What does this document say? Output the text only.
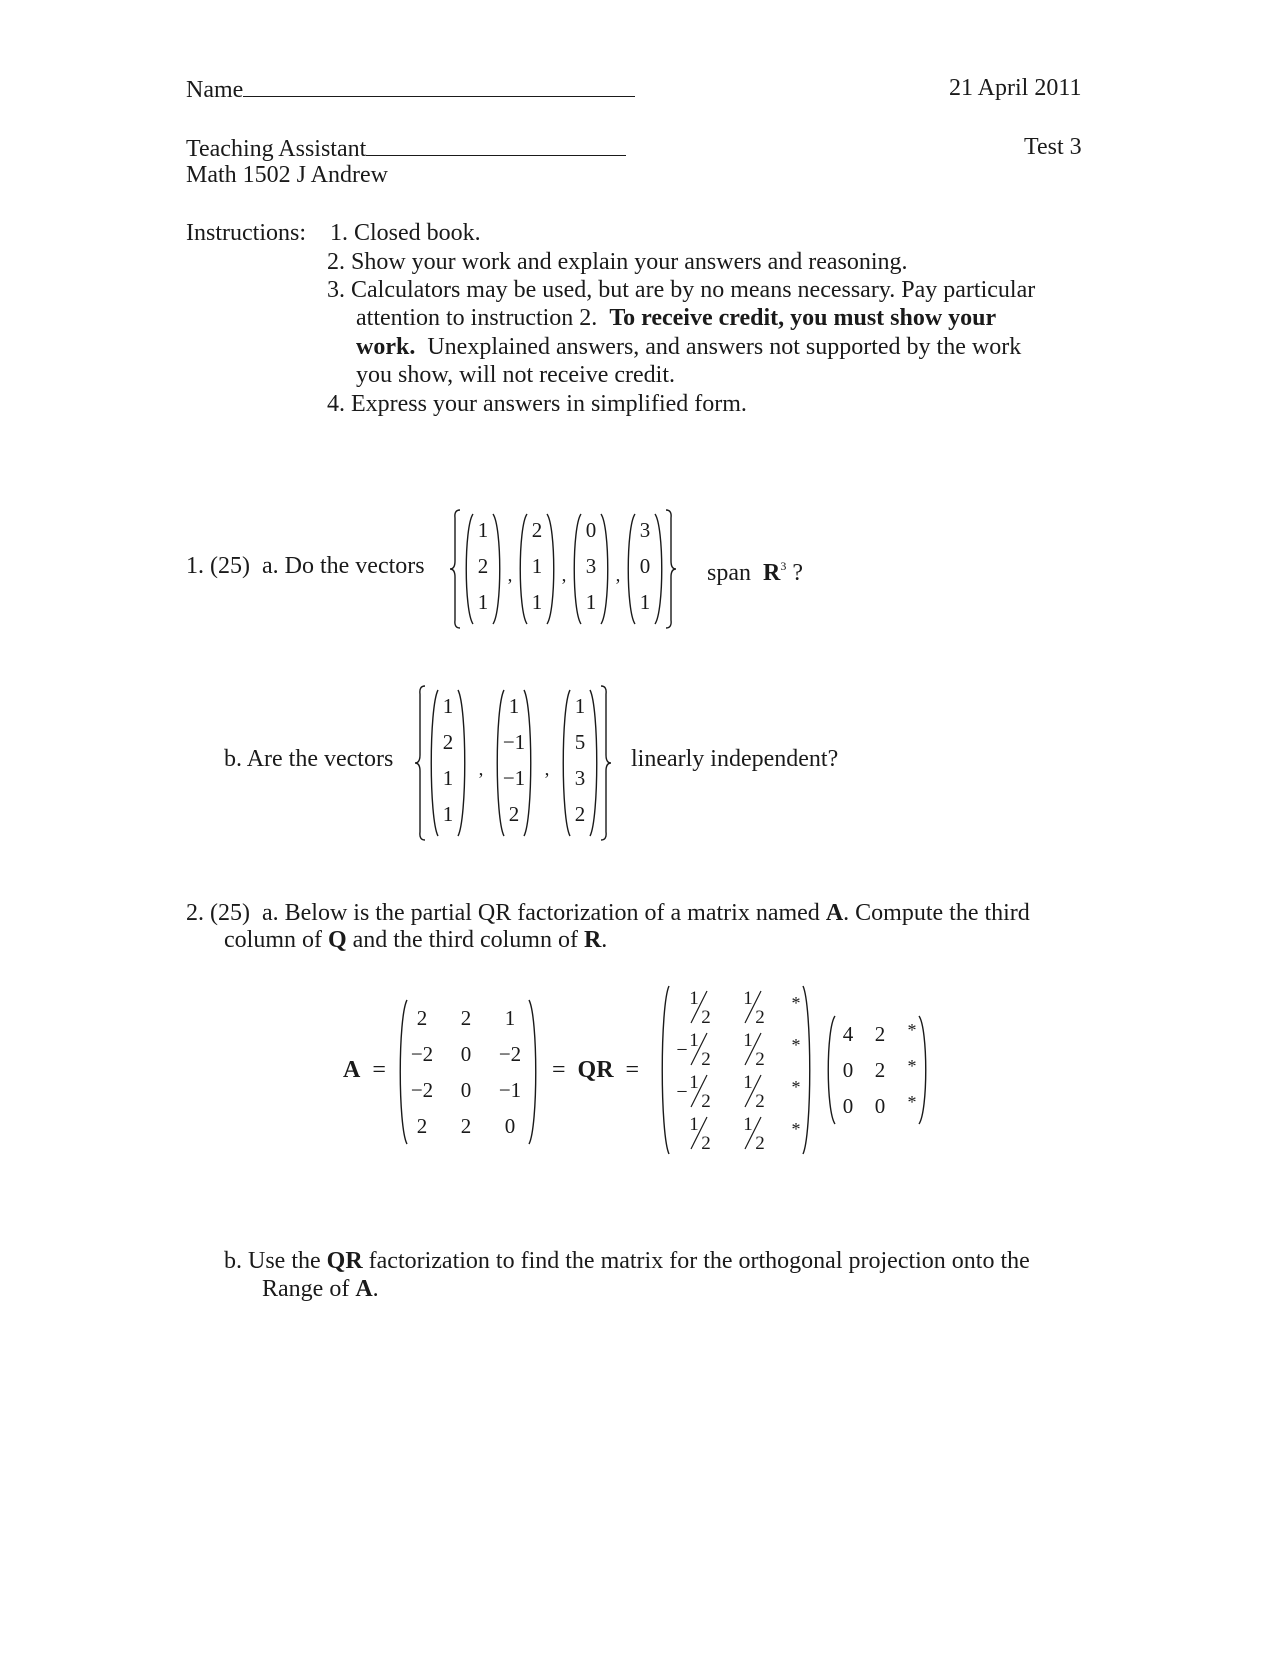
Name	21 April 2011
Teaching Assistant	Test 3
Math 1502 J Andrew
Instructions: 1. Closed book.
2. Show your work and explain your answers and reasoning.
3. Calculators may be used, but are by no means necessary. Pay particular
attention to instruction 2. To receive credit, you must show your
work. Unexplained answers, and answers not supported by the work
you show, will not receive credit.
4. Express your answers in simplified form.
1. (25) a. Do the vectors
1
2
1
,
2
1
1
,
0
3
1
,
3
0
1
span $R^3$ ?
b. Are the vectors
1
2
1
1
,
1
−1
−1
2
,
1
5
3
2
linearly independent?
2. (25) a. Below is the partial QR factorization of a matrix named A. Compute the third
column of Q and the third column of R.
A =
2 2 1
−2 0 −2
−2 0 −1
2 2 0
= QR =
1
2
1
2
*
− 1
2
1
2
*
− 1
2
1
2
*
1
2
1
2
*
4 2 *
0 2 *
0 0 *
b. Use the QR factorization to find the matrix for the orthogonal projection onto the
Range of A.
